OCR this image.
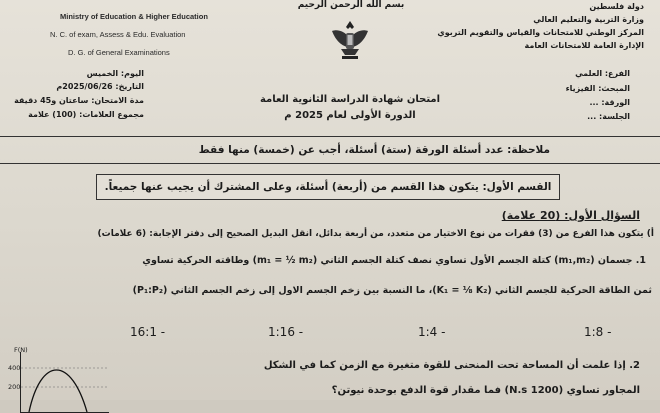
Ministry of Education & Higher Education
N. C. of exam, Assess & Edu. Evaluation
D. G. of General Examinations
بسم الله الرحمن الرحيم	دولة فلسطين
وزارة التربية والتعليم العالي
المركز الوطني للامتحانات والقياس والتقويم التربوي
الإدارة العامة للامتحانات العامة
اليوم: الخميس
التاريخ: 2025/06/26م
مدة الامتحان: ساعتان و45 دقيقة
مجموع العلامات: (100) علامة
امتحان شهادة الدراسة الثانوية العامة
الدورة الأولى لعام 2025 م
الفرع: العلمي
المبحث: الفيزياء
الورقة: ...
الجلسة: ...
ملاحظة: عدد أسئلة الورقة (ستة) أسئلة، أجب عن (خمسة) منها فقط
القسم الأول: يتكون هذا القسم من (أربعة) أسئلة، وعلى المشترك أن يجيب عنها جميعاً.
السؤال الأول: (20 علامة)
أ) يتكون هذا الفرع من (3) فقرات من نوع الاختيار من متعدد، من أربعة بدائل، انقل البديل الصحيح إلى دفتر الإجابة: (6 علامات)
1. جسمان (m₁,m₂) كتلة الجسم الأول تساوي نصف كتلة الجسم الثاني (m₁ = ½ m₂) وطاقته الحركية تساوي
ثمن الطاقة الحركية للجسم الثاني (K₁ = ⅛ K₂)، ما النسبة بين زخم الجسم الاول إلى زخم الجسم الثاني (P₁:P₂)
16:1 -	1:16 -	1:4 -	1:8 -
2. إذا علمت أن المساحة تحت المنحنى للقوة متغيرة مع الزمن كما في الشكل
المجاور تساوي (1200 N.s) فما مقدار قوة الدفع بوحدة نيوتن؟
F(N)
400
200
